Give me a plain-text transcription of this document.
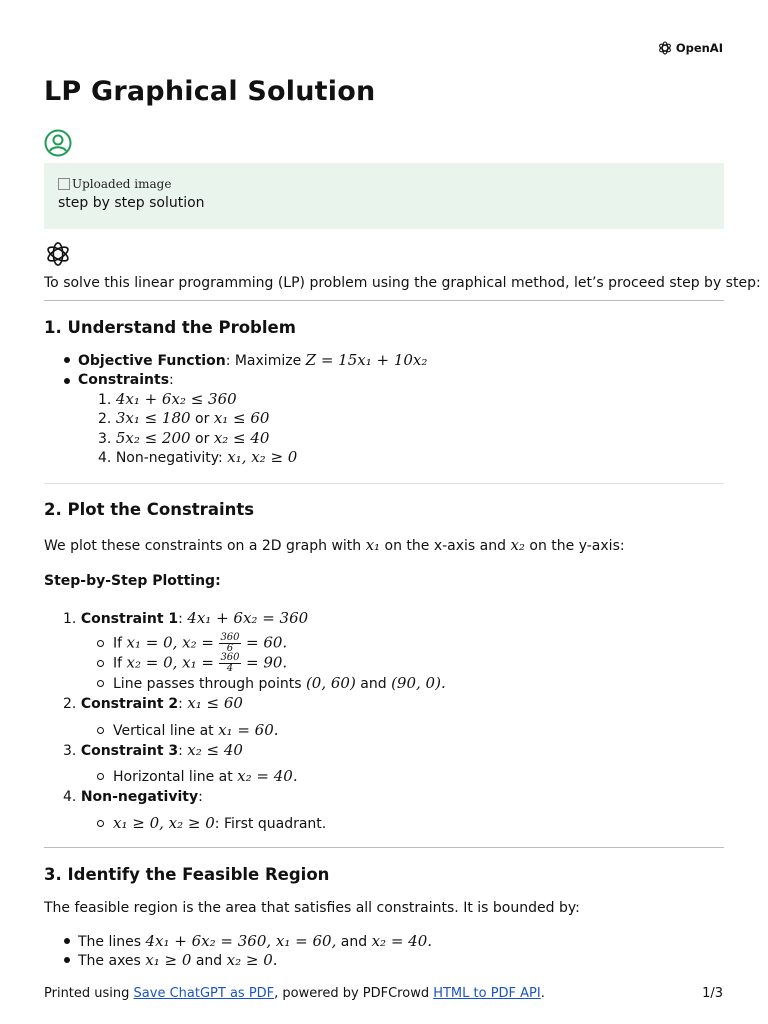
OpenAI
LP Graphical Solution
Uploaded image
step by step solution
To solve this linear programming (LP) problem using the graphical method, let’s proceed step by step:
1. Understand the Problem
Objective Function: Maximize Z = 15x₁ + 10x₂
Constraints:
1. 4x₁ + 6x₂ ≤ 360
2. 3x₁ ≤ 180 or x₁ ≤ 60
3. 5x₂ ≤ 200 or x₂ ≤ 40
4. Non-negativity: x₁, x₂ ≥ 0
2. Plot the Constraints
We plot these constraints on a 2D graph with x₁ on the x-axis and x₂ on the y-axis:
Step-by-Step Plotting:
1. Constraint 1: 4x₁ + 6x₂ = 360
If x₁ = 0, $x_2 = \frac{360}{6} = 60$.
If x₂ = 0, $x_1 = \frac{360}{4} = 90$.
Line passes through points (0, 60) and (90, 0).
2. Constraint 2: x₁ ≤ 60
Vertical line at x₁ = 60.
3. Constraint 3: x₂ ≤ 40
Horizontal line at x₂ = 40.
4. Non-negativity:
x₁ ≥ 0, x₂ ≥ 0: First quadrant.
3. Identify the Feasible Region
The feasible region is the area that satisfies all constraints. It is bounded by:
The lines 4x₁ + 6x₂ = 360, x₁ = 60, and x₂ = 40.
The axes x₁ ≥ 0 and x₂ ≥ 0.
Printed using Save ChatGPT as PDF, powered by PDFCrowd HTML to PDF API.	1/3
